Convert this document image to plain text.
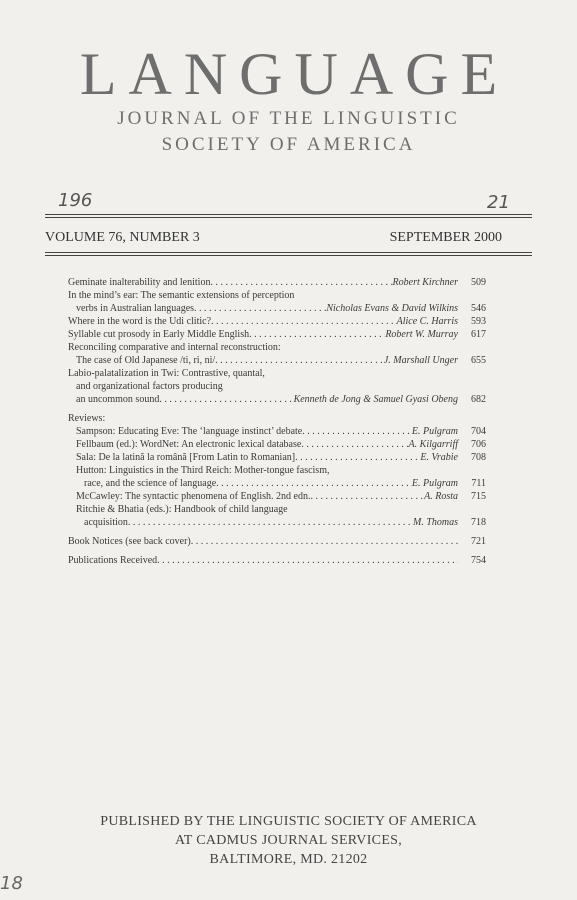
LANGUAGE
JOURNAL OF THE LINGUISTIC
SOCIETY OF AMERICA
196	21
VOLUME 76, NUMBER 3	SEPTEMBER 2000
Geminate inalterability and lenition . . .	Robert Kirchner	509
In the mind’s ear: The semantic extensions of perception
verbs in Australian languages . . .	Nicholas Evans & David Wilkins	546
Where in the word is the Udi clitic? . . .	Alice C. Harris	593
Syllable cut prosody in Early Middle English . . .	Robert W. Murray	617
Reconciling comparative and internal reconstruction:
The case of Old Japanese /ti, ri, ni/ . . .	J. Marshall Unger	655
Labio-palatalization in Twi: Contrastive, quantal,
and organizational factors producing
an uncommon sound . . .	Kenneth de Jong & Samuel Gyasi Obeng	682
Reviews:
Sampson: Educating Eve: The ‘language instinct’ debate . . .	E. Pulgram	704
Fellbaum (ed.): WordNet: An electronic lexical database . . .	A. Kilgarriff	706
Sala: De la latină la română [From Latin to Romanian] . . .	E. Vrabie	708
Hutton: Linguistics in the Third Reich: Mother-tongue fascism,
race, and the science of language . . .	E. Pulgram	711
McCawley: The syntactic phenomena of English. 2nd edn. . . .	A. Rosta	715
Ritchie & Bhatia (eds.): Handbook of child language
acquisition . . .	M. Thomas	718
Book Notices (see back cover) . . .	721
Publications Received . . .	754
PUBLISHED BY THE LINGUISTIC SOCIETY OF AMERICA
AT CADMUS JOURNAL SERVICES,
BALTIMORE, MD. 21202
18
